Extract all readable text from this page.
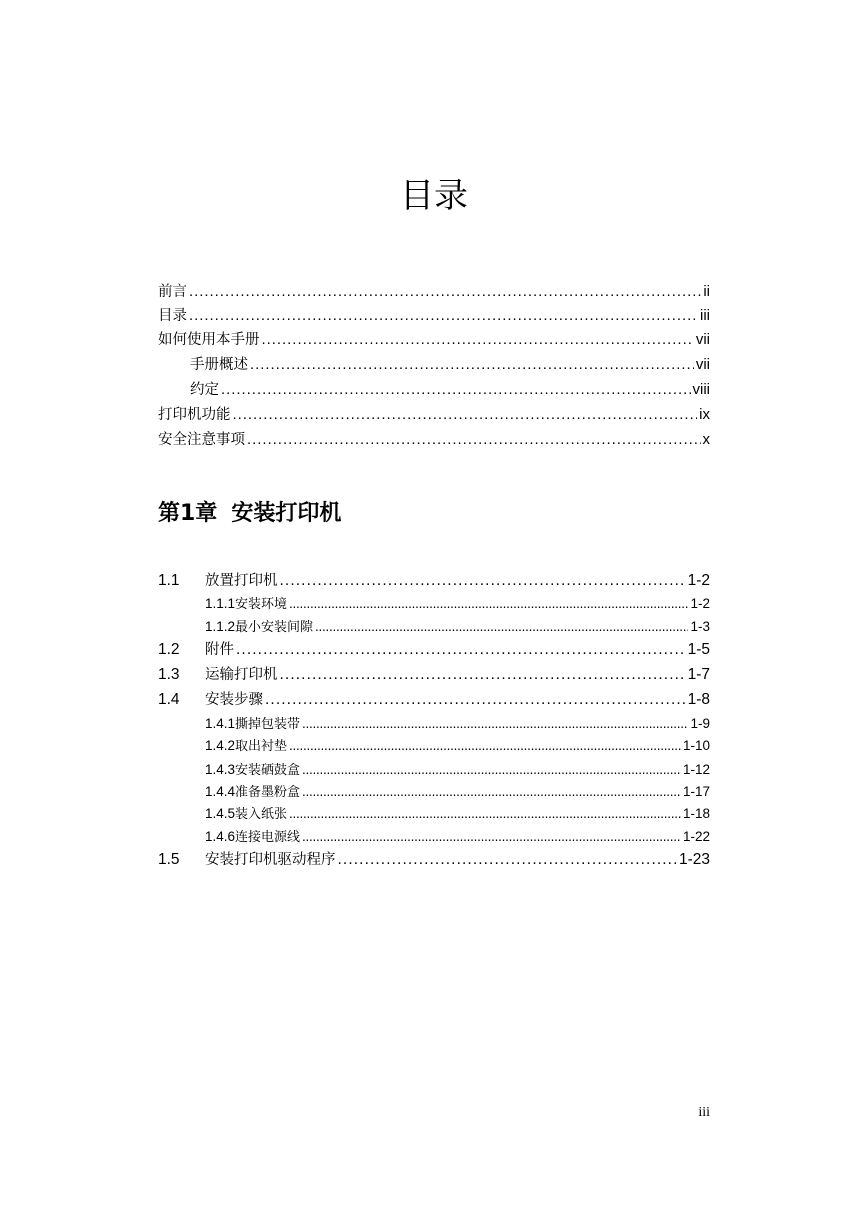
目录
前言 . . .	ii
目录 . . .	iii
如何使用本手册 . . .	vii
手册概述 . . .	vii
约定 . . .	viii
打印机功能 . . .	ix
安全注意事项 . . .	x
第1章 安装打印机
1.1	放置打印机 . . .	1-2
1.1.1 安装环境 . . .	1-2
1.1.2 最小安装间隙 . . .	1-3
1.2	附件 . . .	1-5
1.3	运输打印机 . . .	1-7
1.4	安装步骤 . . .	1-8
1.4.1 撕掉包装带 . . .	1-9
1.4.2 取出衬垫 . . .	1-10
1.4.3 安装硒鼓盒 . . .	1-12
1.4.4 准备墨粉盒 . . .	1-17
1.4.5 装入纸张 . . .	1-18
1.4.6 连接电源线 . . .	1-22
1.5	安装打印机驱动程序 . . .	1-23
iii
